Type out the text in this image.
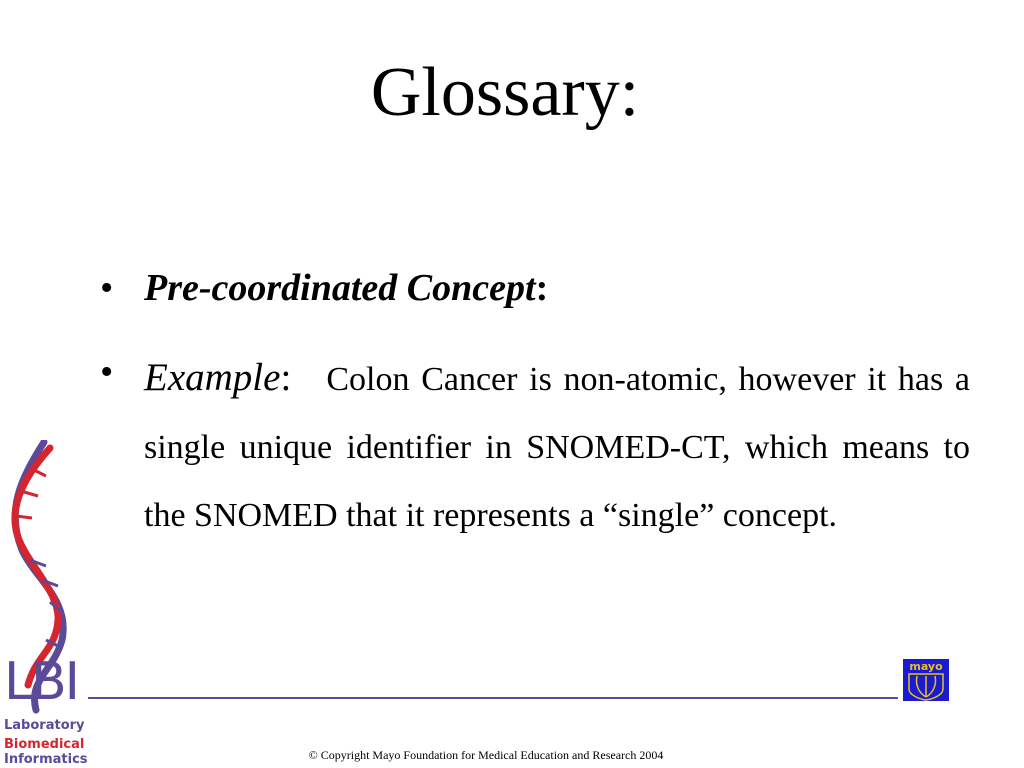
Glossary:
• Pre-coordinated Concept:
• Example: Colon Cancer is non-atomic, however it has a single unique identifier in SNOMED-CT, which means to the SNOMED that it represents a “single” concept.
LBI
Laboratory
Biomedical
Informatics
mayo
© Copyright Mayo Foundation for Medical Education and Research 2004
